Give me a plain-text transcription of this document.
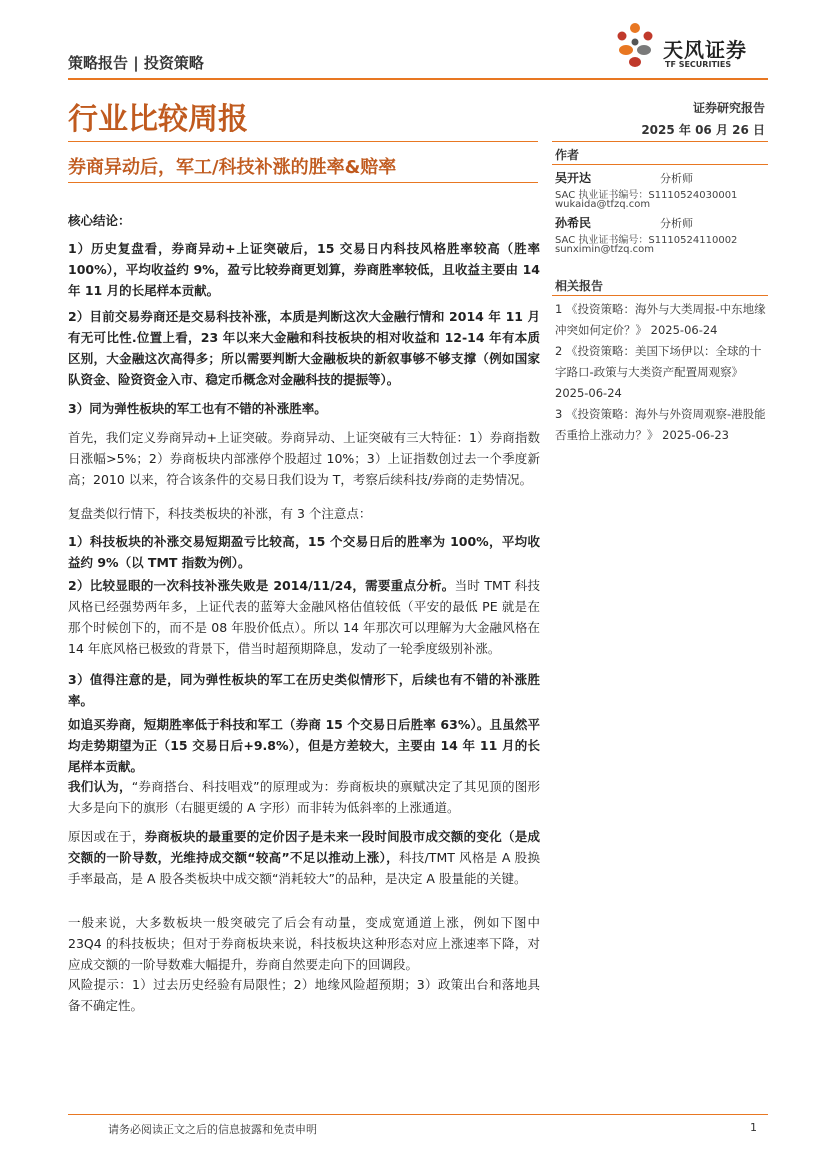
策略报告 | 投资策略
天风证券
TF SECURITIES
行业比较周报	证券研究报告
2025 年 06 月 26 日
券商异动后，军工/科技补涨的胜率&赔率
作者
吴开达	分析师
SAC 执业证书编号：S1110524030001
wukaida@tfzq.com
孙希民	分析师
SAC 执业证书编号：S1110524110002
sunximin@tfzq.com
相关报告
1 《投资策略：海外与大类周报-中东地缘冲突如何定价？》 2025-06-24
2 《投资策略：美国下场伊以：全球的十字路口-政策与大类资产配置周观察》 2025-06-24
3 《投资策略：海外与外资周观察-港股能否重拾上涨动力？》 2025-06-23
核心结论：
1）历史复盘看，券商异动+上证突破后，15 交易日内科技风格胜率较高（胜率 100%），平均收益约 9%，盈亏比较券商更划算，券商胜率较低，且收益主要由 14 年 11 月的长尾样本贡献。
2）目前交易券商还是交易科技补涨，本质是判断这次大金融行情和 2014 年 11 月有无可比性.位置上看，23 年以来大金融和科技板块的相对收益和 12-14 年有本质区别，大金融这次高得多；所以需要判断大金融板块的新叙事够不够支撑（例如国家队资金、险资资金入市、稳定币概念对金融科技的提振等）。
3）同为弹性板块的军工也有不错的补涨胜率。
首先，我们定义券商异动+上证突破。券商异动、上证突破有三大特征：1）券商指数日涨幅>5%；2）券商板块内部涨停个股超过 10%；3）上证指数创过去一个季度新高；2010 以来，符合该条件的交易日我们设为 T，考察后续科技/券商的走势情况。
复盘类似行情下，科技类板块的补涨，有 3 个注意点：
1）科技板块的补涨交易短期盈亏比较高，15 个交易日后的胜率为 100%，平均收益约 9%（以 TMT 指数为例）。
2）比较显眼的一次科技补涨失败是 2014/11/24，需要重点分析。当时 TMT 科技风格已经强势两年多，上证代表的蓝筹大金融风格估值较低（平安的最低 PE 就是在那个时候创下的，而不是 08 年股价低点）。所以 14 年那次可以理解为大金融风格在 14 年底风格已极致的背景下，借当时超预期降息，发动了一轮季度级别补涨。
3）值得注意的是，同为弹性板块的军工在历史类似情形下，后续也有不错的补涨胜率。
如追买券商，短期胜率低于科技和军工（券商 15 个交易日后胜率 63%）。且虽然平均走势期望为正（15 交易日后+9.8%），但是方差较大，主要由 14 年 11 月的长尾样本贡献。
我们认为，“券商搭台、科技唱戏”的原理或为：券商板块的禀赋决定了其见顶的图形大多是向下的旗形（右腿更缓的 A 字形）而非转为低斜率的上涨通道。
原因或在于，券商板块的最重要的定价因子是未来一段时间股市成交额的变化（是成交额的一阶导数，光维持成交额“较高”不足以推动上涨），科技/TMT 风格是 A 股换手率最高，是 A 股各类板块中成交额“消耗较大”的品种，是决定 A 股量能的关键。
一般来说，大多数板块一般突破完了后会有动量，变成宽通道上涨，例如下图中 23Q4 的科技板块；但对于券商板块来说，科技板块这种形态对应上涨速率下降，对应成交额的一阶导数难大幅提升，券商自然要走向下的回调段。
风险提示：1）过去历史经验有局限性；2）地缘风险超预期；3）政策出台和落地具备不确定性。
请务必阅读正文之后的信息披露和免责申明	1
